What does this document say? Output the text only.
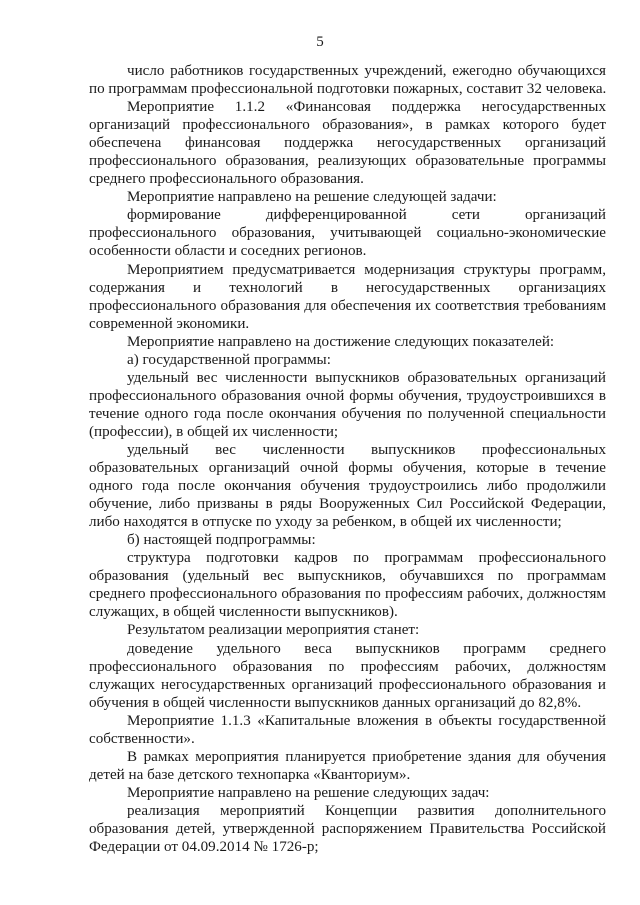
5
число работников государственных учреждений, ежегодно обучающихся
по программам профессиональной подготовки пожарных, составит 32 человека.
Мероприятие 1.1.2 «Финансовая поддержка негосударственных
организаций профессионального образования», в рамках которого будет
обеспечена финансовая поддержка негосударственных организаций
профессионального образования, реализующих образовательные программы
среднего профессионального образования.
Мероприятие направлено на решение следующей задачи:
формирование дифференцированной сети организаций
профессионального образования, учитывающей социально-экономические
особенности области и соседних регионов.
Мероприятием предусматривается модернизация структуры программ,
содержания и технологий в негосударственных организациях
профессионального образования для обеспечения их соответствия требованиям
современной экономики.
Мероприятие направлено на достижение следующих показателей:
а) государственной программы:
удельный вес численности выпускников образовательных организаций
профессионального образования очной формы обучения, трудоустроившихся в
течение одного года после окончания обучения по полученной специальности
(профессии), в общей их численности;
удельный вес численности выпускников профессиональных
образовательных организаций очной формы обучения, которые в течение
одного года после окончания обучения трудоустроились либо продолжили
обучение, либо призваны в ряды Вооруженных Сил Российской Федерации,
либо находятся в отпуске по уходу за ребенком, в общей их численности;
б) настоящей подпрограммы:
структура подготовки кадров по программам профессионального
образования (удельный вес выпускников, обучавшихся по программам
среднего профессионального образования по профессиям рабочих, должностям
служащих, в общей численности выпускников).
Результатом реализации мероприятия станет:
доведение удельного веса выпускников программ среднего
профессионального образования по профессиям рабочих, должностям
служащих негосударственных организаций профессионального образования и
обучения в общей численности выпускников данных организаций до 82,8%.
Мероприятие 1.1.3 «Капитальные вложения в объекты государственной
собственности».
В рамках мероприятия планируется приобретение здания для обучения
детей на базе детского технопарка «Кванториум».
Мероприятие направлено на решение следующих задач:
реализация мероприятий Концепции развития дополнительного
образования детей, утвержденной распоряжением Правительства Российской
Федерации от 04.09.2014 № 1726-р;
